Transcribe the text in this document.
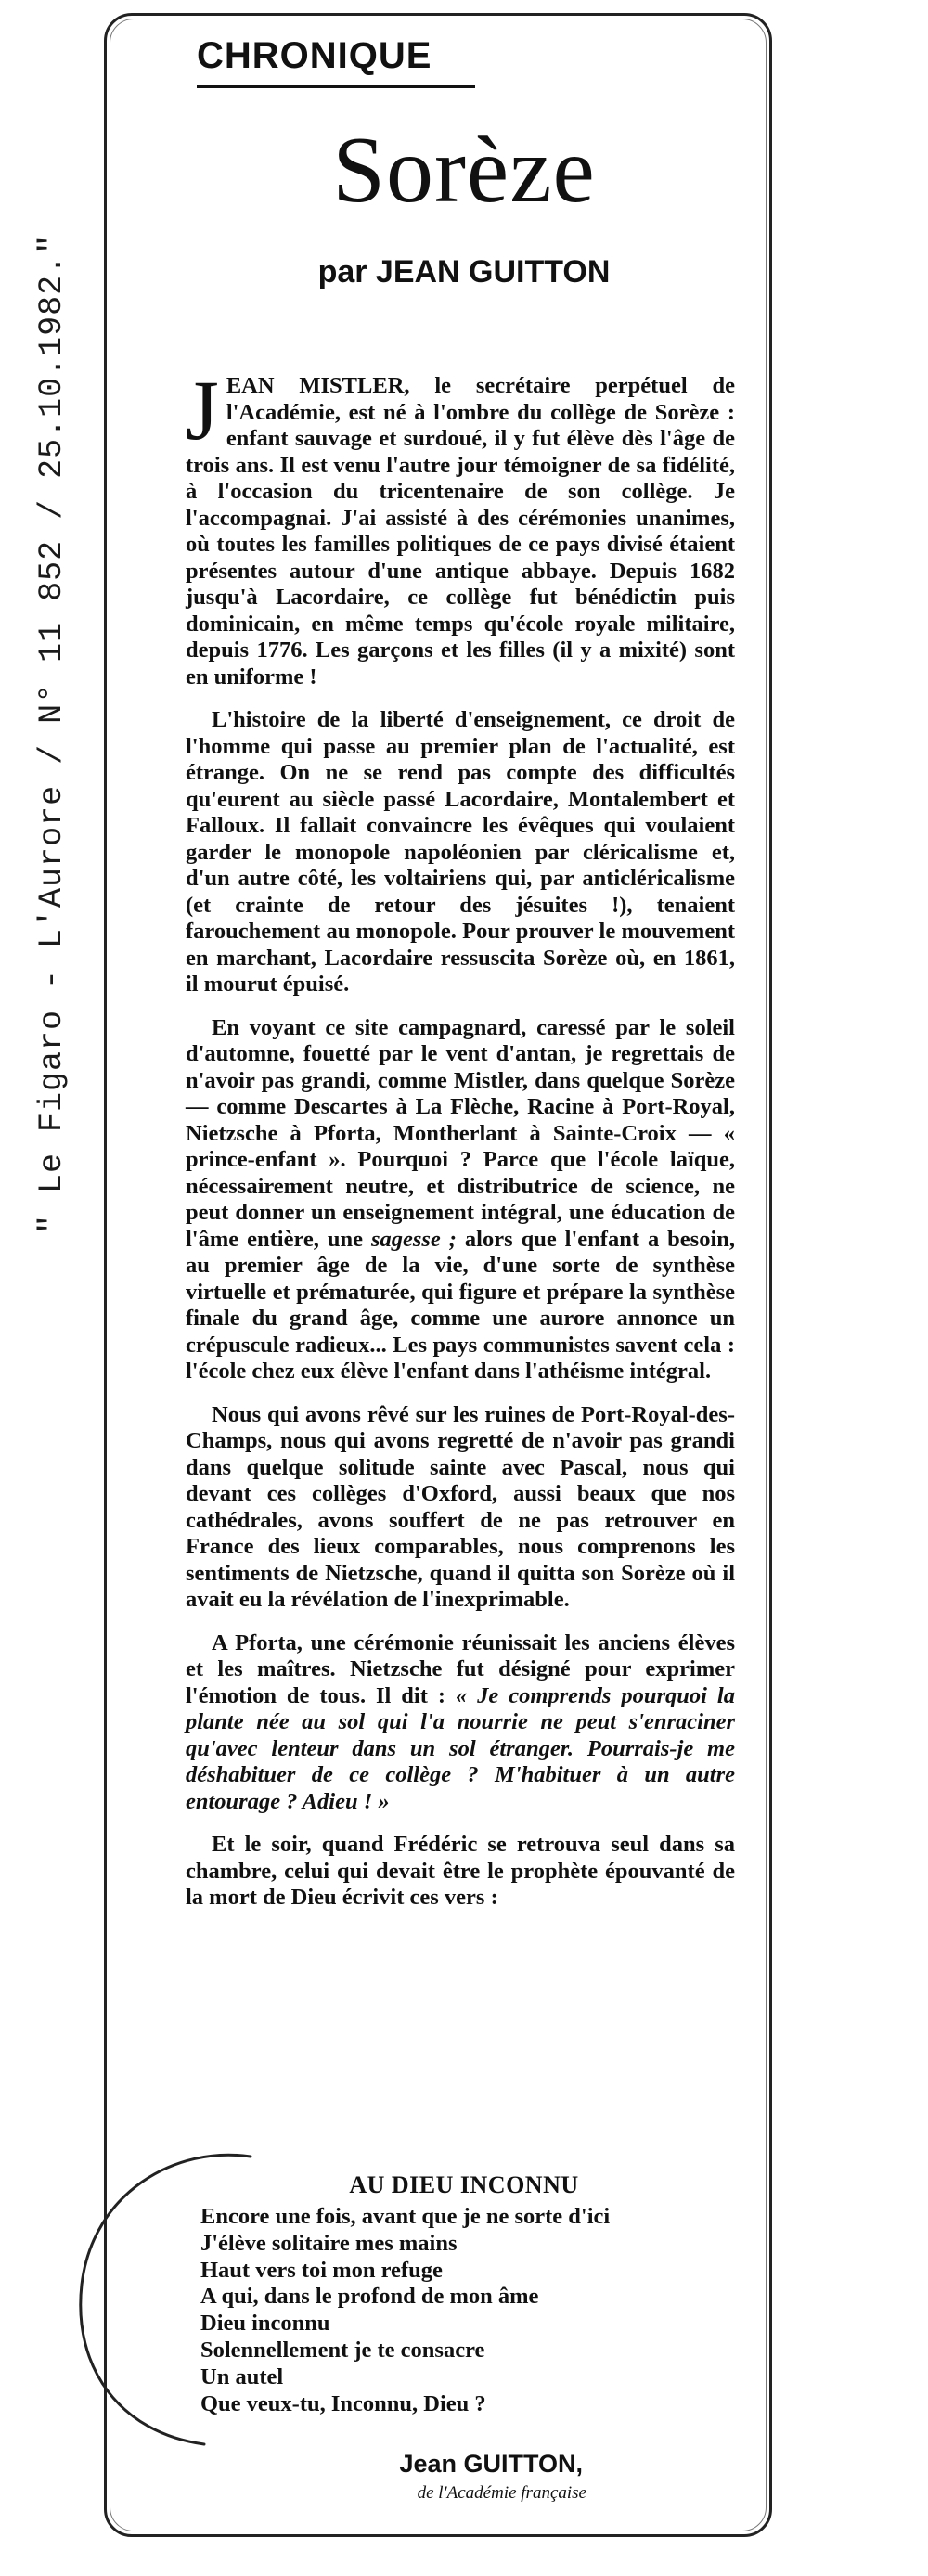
" Le Figaro - L'Aurore / N° 11 852 / 25.10.1982."
CHRONIQUE
Sorèze
par JEAN GUITTON

JEAN MISTLER, le secrétaire perpétuel de l'Académie, est né à l'ombre du collège de Sorèze : enfant sauvage et surdoué, il y fut élève dès l'âge de trois ans. Il est venu l'autre jour témoigner de sa fidélité, à l'occasion du tricentenaire de son collège. Je l'accompagnai. J'ai assisté à des cérémonies unanimes, où toutes les familles politiques de ce pays divisé étaient présentes autour d'une antique abbaye. Depuis 1682 jusqu'à Lacordaire, ce collège fut bénédictin puis dominicain, en même temps qu'école royale militaire, depuis 1776. Les garçons et les filles (il y a mixité) sont en uniforme !

L'histoire de la liberté d'enseignement, ce droit de l'homme qui passe au premier plan de l'actualité, est étrange. On ne se rend pas compte des difficultés qu'eurent au siècle passé Lacordaire, Montalembert et Falloux. Il fallait convaincre les évêques qui voulaient garder le monopole napoléonien par cléricalisme et, d'un autre côté, les voltairiens qui, par anticléricalisme (et crainte de retour des jésuites !), tenaient farouchement au monopole. Pour prouver le mouvement en marchant, Lacordaire ressuscita Sorèze où, en 1861, il mourut épuisé.

En voyant ce site campagnard, caressé par le soleil d'automne, fouetté par le vent d'antan, je regrettais de n'avoir pas grandi, comme Mistler, dans quelque Sorèze — comme Descartes à La Flèche, Racine à Port-Royal, Nietzsche à Pforta, Montherlant à Sainte-Croix — « prince-enfant ». Pourquoi ? Parce que l'école laïque, nécessairement neutre, et distributrice de science, ne peut donner un enseignement intégral, une éducation de l'âme entière, une sagesse ; alors que l'enfant a besoin, au premier âge de la vie, d'une sorte de synthèse virtuelle et prématurée, qui figure et prépare la synthèse finale du grand âge, comme une aurore annonce un crépuscule radieux... Les pays communistes savent cela : l'école chez eux élève l'enfant dans l'athéisme intégral.

Nous qui avons rêvé sur les ruines de Port-Royal-des-Champs, nous qui avons regretté de n'avoir pas grandi dans quelque solitude sainte avec Pascal, nous qui devant ces collèges d'Oxford, aussi beaux que nos cathédrales, avons souffert de ne pas retrouver en France des lieux comparables, nous comprenons les sentiments de Nietzsche, quand il quitta son Sorèze où il avait eu la révélation de l'inexprimable.

A Pforta, une cérémonie réunissait les anciens élèves et les maîtres. Nietzsche fut désigné pour exprimer l'émotion de tous. Il dit : « Je comprends pourquoi la plante née au sol qui l'a nourrie ne peut s'enraciner qu'avec lenteur dans un sol étranger. Pourrais-je me déshabituer de ce collège ? M'habituer à un autre entourage ? Adieu ! »

Et le soir, quand Frédéric se retrouva seul dans sa chambre, celui qui devait être le prophète épouvanté de la mort de Dieu écrivit ces vers :

AU DIEU INCONNU
Encore une fois, avant que je ne sorte d'ici
J'élève solitaire mes mains
Haut vers toi mon refuge
A qui, dans le profond de mon âme
Dieu inconnu
Solennellement je te consacre
Un autel
Que veux-tu, Inconnu, Dieu ?
Jean GUITTON,
de l'Académie française
